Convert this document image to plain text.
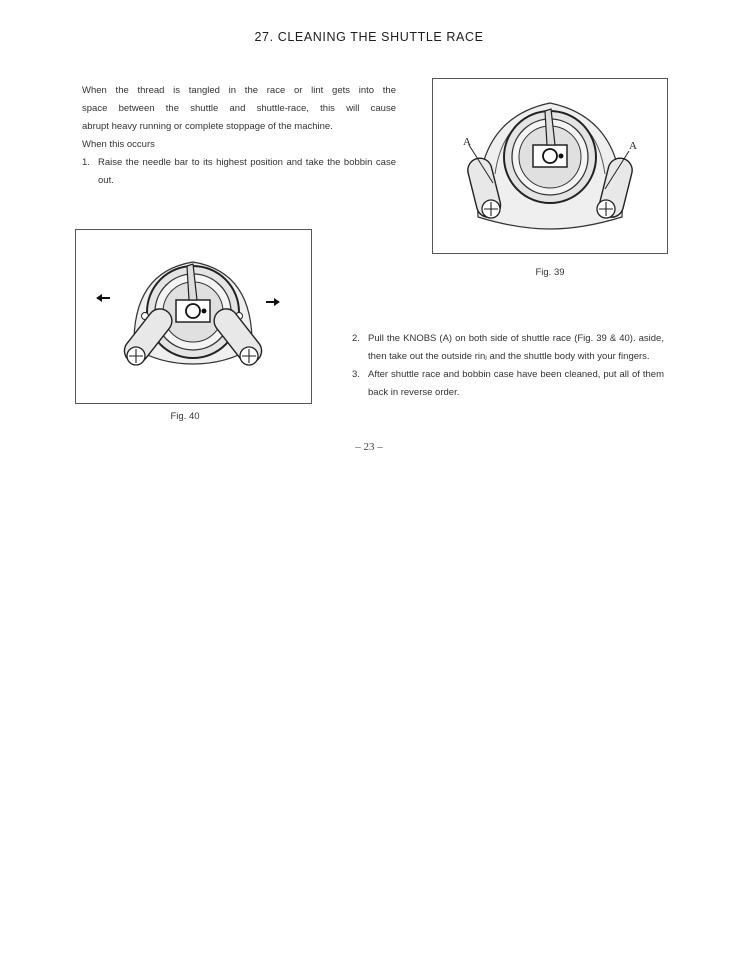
27. CLEANING THE SHUTTLE RACE

When the thread is tangled in the race or lint gets into the

space between the shuttle and shuttle-race, this will cause

abrupt heavy running or complete stoppage of the machine.

When this occurs

1. Raise the needle bar to its highest position and take the bobbin case out.
A	A
Fig. 39
Fig. 40
2. Pull the KNOBS (A) on both side of shuttle race (Fig. 39 & 40). aside, then take out the outside rinⱼ and the shuttle body with your fingers.
3. After shuttle race and bobbin case have been cleaned, put all of them back in reverse order.
– 23 –
